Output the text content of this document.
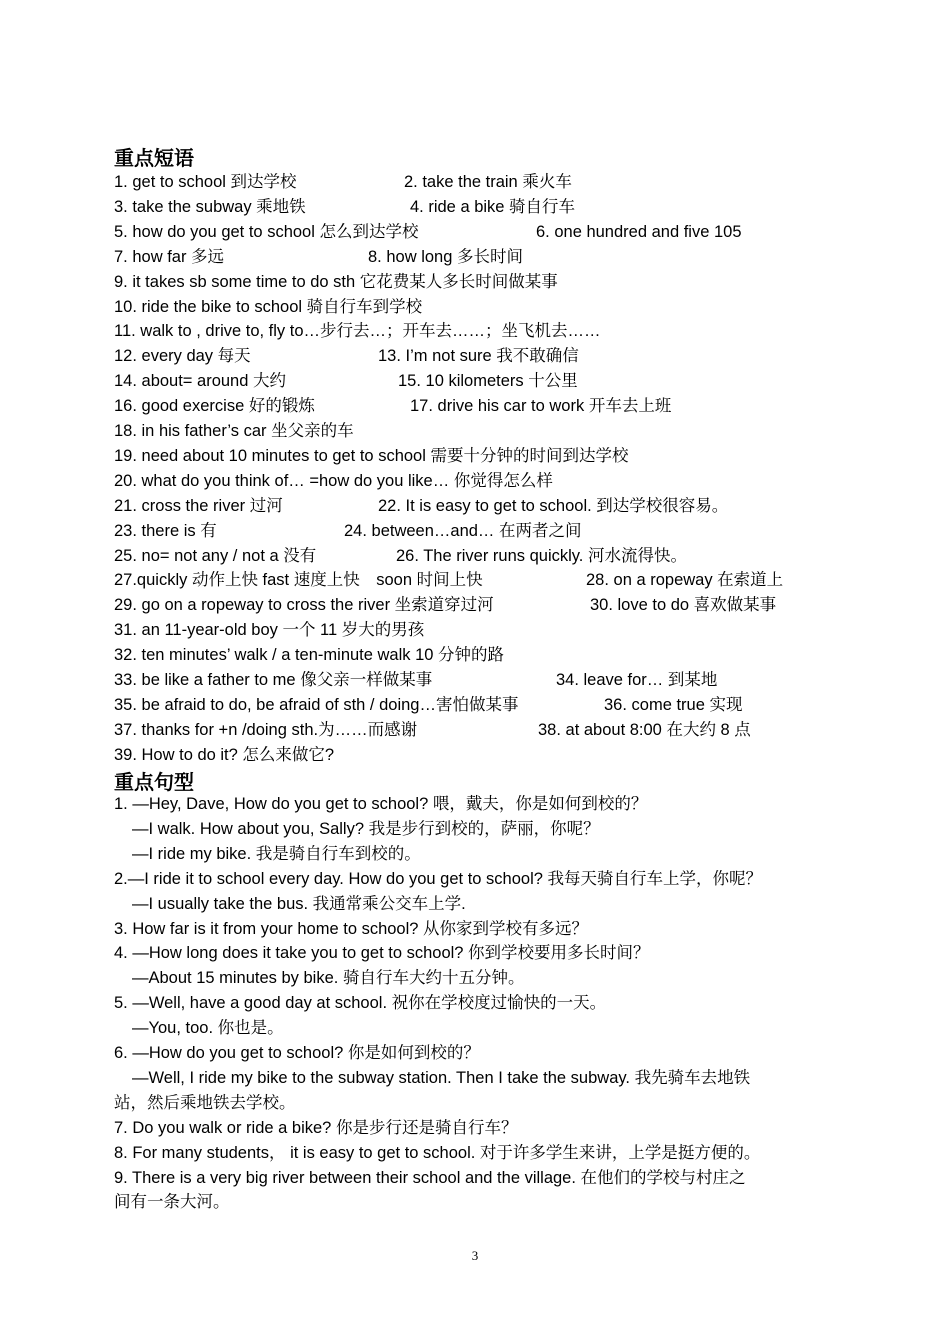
重点短语
1. get to school 到达学校	2. take the train 乘火车
3. take the subway 乘地铁	4. ride a bike 骑自行车
5. how do you get to school 怎么到达学校	6. one hundred and five 105
7. how far 多远	8. how long 多长时间
9. it takes sb some time to do sth 它花费某人多长时间做某事
10. ride the bike to school 骑自行车到学校
11. walk to , drive to, fly to…步行去…；开车去……；坐飞机去……
12. every day 每天	13. I’m not sure 我不敢确信
14. about= around 大约	15. 10 kilometers 十公里
16. good exercise 好的锻炼	17. drive his car to work 开车去上班
18. in his father’s car 坐父亲的车
19. need about 10 minutes to get to school 需要十分钟的时间到达学校
20. what do you think of… =how do you like… 你觉得怎么样
21. cross the river 过河	22. It is easy to get to school. 到达学校很容易。
23. there is 有	24. between…and… 在两者之间
25. no= not any / not a 没有	26. The river runs quickly. 河水流得快。
27.quickly 动作上快 fast 速度上快　soon 时间上快	28. on a ropeway 在索道上
29. go on a ropeway to cross the river 坐索道穿过河	30. love to do 喜欢做某事
31. an 11-year-old boy 一个 11 岁大的男孩
32. ten minutes’ walk / a ten-minute walk 10 分钟的路
33. be like a father to me 像父亲一样做某事	34. leave for… 到某地
35. be afraid to do, be afraid of sth / doing…害怕做某事	36. come true 实现
37. thanks for +n /doing sth.为……而感谢	38. at about 8:00 在大约 8 点
39. How to do it? 怎么来做它?
重点句型
1. —Hey, Dave, How do you get to school? 喂，戴夫，你是如何到校的？
—I walk. How about you, Sally? 我是步行到校的，萨丽，你呢？
—I ride my bike. 我是骑自行车到校的。
2.—I ride it to school every day. How do you get to school? 我每天骑自行车上学，你呢？
—I usually take the bus. 我通常乘公交车上学.
3. How far is it from your home to school? 从你家到学校有多远？
4. —How long does it take you to get to school? 你到学校要用多长时间？
—About 15 minutes by bike. 骑自行车大约十五分钟。
5. —Well, have a good day at school. 祝你在学校度过愉快的一天。
—You, too. 你也是。
6. —How do you get to school? 你是如何到校的？
—Well, I ride my bike to the subway station. Then I take the subway. 我先骑车去地铁
站，然后乘地铁去学校。
7. Do you walk or ride a bike? 你是步行还是骑自行车？
8. For many students， it is easy to get to school. 对于许多学生来讲，上学是挺方便的。
9. There is a very big river between their school and the village. 在他们的学校与村庄之
间有一条大河。
3
